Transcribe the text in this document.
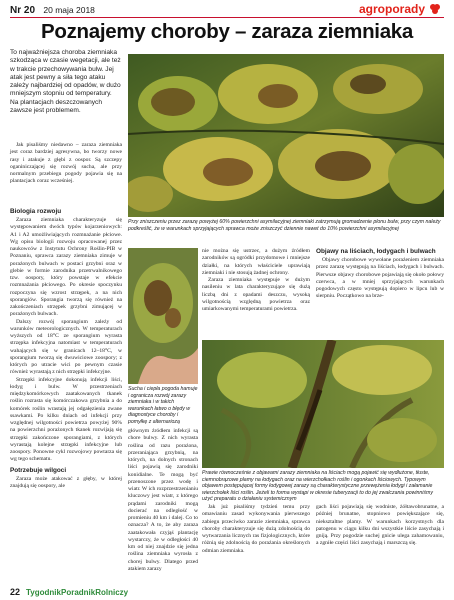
Nr 20 20 maja 2018	agroporady
Poznajemy choroby – zaraza ziemniaka
To najważniejsza choroba ziemniaka szkodząca w czasie wegetacji, ale też w trakcie przechowywania bulw. Jej atak jest pewny a siła tego ataku zależy najbardziej od opadów, w dużo mniejszym stopniu od temperatury. Na plantacjach deszczowanych zawsze jest problemem.

Jak pisaliśmy niedawno – zaraza ziemniaka jest coraz bardziej agresywna, bo tworzy nowe rasy i atakuje z głębi z oospor. Są szczepy oganiniczającej się rozwój sucha, ale przy normalnym przebiegu pogody pojawia się na plantacjach coraz wcześniej.

Biologia rozwoju

Zaraza ziemniaka charakteryzuje się występowaniem dwóch typów kojarzeniowych: A1 i A2 umożliwiających rozmnażanie płciowe. Wg opisu biologii rozwoju opracowanej przez naukowców z Instytutu Ochrony Roślin-PIB w Poznaniu, sprawca zarazy ziemniaka zimuje w porażonych bulwach w postaci grzybni oraz w glebie w formie zarodnika przetrwalnikowego tzw. oospory, który powstaje w efekcie rozmnażania płciowego. Po okresie spoczynku rozpoczyna się wzrost strzępek, a na nich sporangiów. Sporangia tworzą się również na zakończeniach strzępek grzybni zimującej w porażonych bulwach.

Dalszy rozwój sporangium zależy od warunków meteorologicznych. W temperaturach wyższych od 18°C ze sporangium wyrasta strzępka infekcyjna natomiast w temperaturach wahających się w granicach 12–18°C, w sporangium tworzą się dwuwiciowe zoospory; z których po utracie wici po pewnym czasie również wyrastają z nich strzępki infekcyjne.

Strzępki infekcyjne dokonują infekcji liści, łodyg i bulw. W przestrzeniach międzykomórkowych zaatakowanych tkanek roślin rozrasta się komórczakowa grzybnia a do komórek roślin wrastają jej odgałęzienia zwane ssawkami. Po kilku dniach od infekcji przy względnej wilgotności powietrza powyżej 90% na powierzchni porażonych tkanek rozwijają się strzępki zakończone sporangiami, z których wyrastają kolejne strzępki infekcyjne lub zoospory. Ponowne cykl rozwojowy powtarza się wg tego schematu.

Potrzebuje wilgoci

Zaraza może atakować z głęby, w której znajdują się oospory, ale

Przy zniszczeniu przez zarazę powyżej 60% powierzchni asymilacyjnej ziemniaki zatrzymują gromadzenie plonu bulw, przy czym należy podkreślić, że w warunkach sprzyjających sprawca może zniszczyć dziennie nawet do 10% powierzchni asymilacyjnej
Sucha i ciepła pogoda hamuje i ogranicza rozwój zarazy ziemniaka i w takich warunkach łatwo o błędy w diagnostyce choroby i pomyłkę z alternariozą

głównym źródłem infekcji są chore bulwy. Z nich wyrasta roślina od razu porażona, przeraniająca grzybnią, na których, na dolnych stronach liści pojawią się zarodniki konidialne. Te mogą być przenoszone przez wodę i wiatr. W ich rozprzestrzenianiu kluczowy jest wiatr, z którego prądami zarodniki mogą docierać na odległość w promieniu 40 km i dalej. Co to oznacza? A to, że aby zaraza zaatakowała czyjąś plantację wystarczy, że w odległości 40 km od niej znajdzie się jedna roślina ziemniaka wyrosła z chorej bulwy. Dlatego przed atakiem zarazy

nie można się ustrzec, a dużym źródłem zarodników są ogródki przydomowe i mniejsze działki, na których właściciele uprawiają ziemniaki i nie stosują żadnej ochrony.

Zaraza ziemniaka występuje w dużym nasileniu w lata charakteryzujące się dużą liczbą dni z opadami deszczu, wysoką wilgotnością względną powietrza oraz umiarkowanymi temperaturami powietrza.

Objawy na liściach, łodygach i bulwach

Objawy chorobowe wywołane porażeniem ziemniaka przez zarazę występują na liściach, łodygach i bulwach. Pierwsze objawy chorobowe pojawiają się około połowy czerwca, a w mniej sprzyjających warunkach pogodowych często występują dopiero w lipcu lub w sierpniu. Początkowo na brze-

Prawie równocześnie z objawami zarazy ziemniaka na liściach mogą pojawić się wydłużone, tłuste, ciemnobrązowe plamy na łodygach oraz na wierzchołkach roślin i ogonkach liściowych. Typowym objawem postępującej formy łodygowej zarazy są charakterystyczne przewężenia łodygi i załamanie wierzchołek liści roślin. Jeżeli to forma wystąpi w okresie tuberyzacji to do jej zwalczania powinniśmy użyć preparatu o działaniu systemicznym

Jak już pisaliśmy tydzień temu przy omawianiu zasad wykonywania pierwszego zabiegu przeciwko zarazie ziemniaka, sprawca choroby charakteryzuje się dużą zdolnością do wytwarzania licznych ras fizjologicznych, które różnią się zdolnością do porażania określonych odmian ziemniaka.

gach liści pojawiają się wodniste, żółtawobrunatne, a później brunatne, stopniowo powiększające się, nieksztaltne plamy. W warunkach korzystnych dla patogenu w ciągu kilku dni wszystkie liście zasychają i gniją. Przy pogodzie suchej gnicie ulega zahamowaniu, a zgniłe części liści zasychają i marszczą się.

22 TygodnikPoradnikRolniczy
